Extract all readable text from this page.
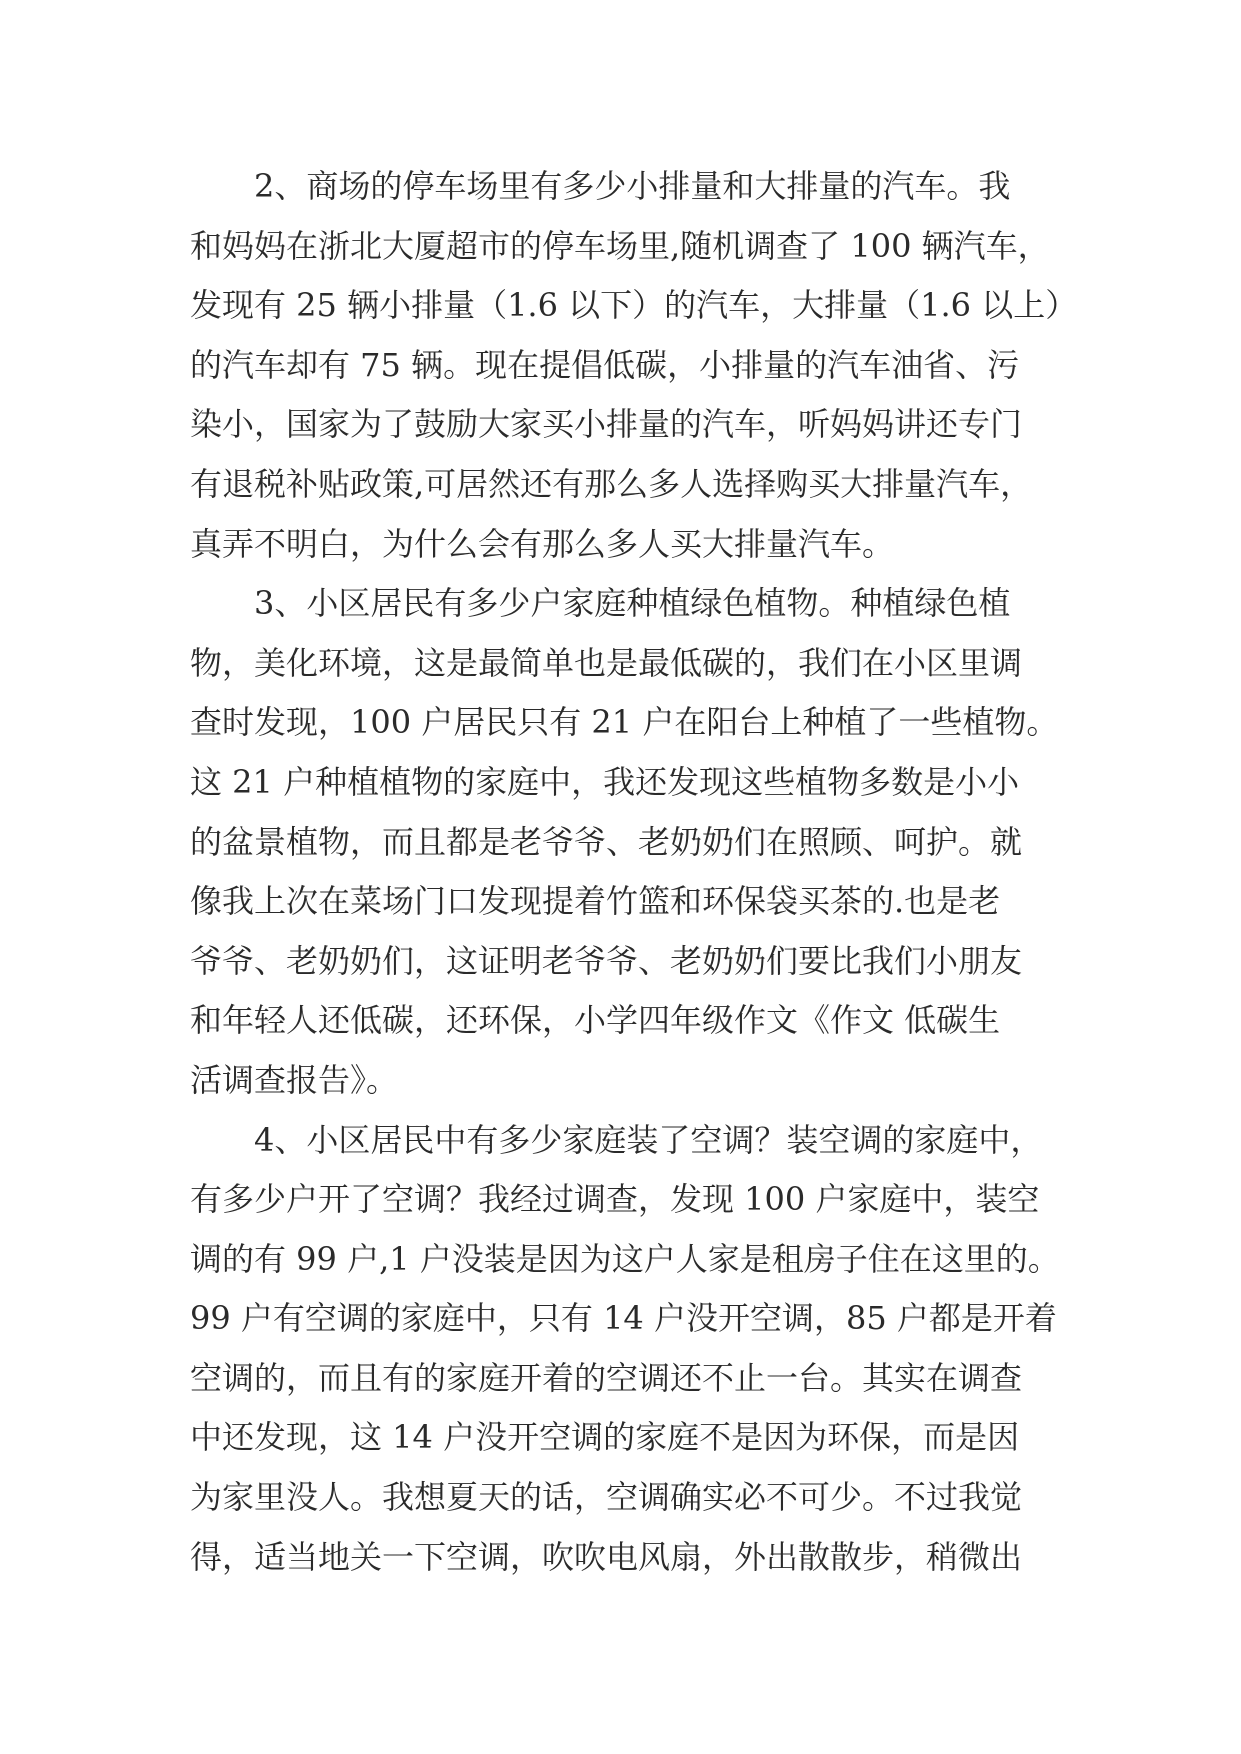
2、商场的停车场里有多少小排量和大排量的汽车。我
和妈妈在浙北大厦超市的停车场里,随机调查了 100 辆汽车，
发现有 25 辆小排量（1.6 以下）的汽车，大排量（1.6 以上）
的汽车却有 75 辆。现在提倡低碳，小排量的汽车油省、污
染小，国家为了鼓励大家买小排量的汽车，听妈妈讲还专门
有退税补贴政策,可居然还有那么多人选择购买大排量汽车，
真弄不明白，为什么会有那么多人买大排量汽车。
3、小区居民有多少户家庭种植绿色植物。种植绿色植
物，美化环境，这是最简单也是最低碳的，我们在小区里调
查时发现，100 户居民只有 21 户在阳台上种植了一些植物。
这 21 户种植植物的家庭中，我还发现这些植物多数是小小
的盆景植物，而且都是老爷爷、老奶奶们在照顾、呵护。就
像我上次在菜场门口发现提着竹篮和环保袋买茶的.也是老
爷爷、老奶奶们，这证明老爷爷、老奶奶们要比我们小朋友
和年轻人还低碳，还环保，小学四年级作文《作文 低碳生
活调查报告》。
4、小区居民中有多少家庭装了空调？装空调的家庭中，
有多少户开了空调？我经过调查，发现 100 户家庭中，装空
调的有 99 户,1 户没装是因为这户人家是租房子住在这里的。
99 户有空调的家庭中，只有 14 户没开空调，85 户都是开着
空调的，而且有的家庭开着的空调还不止一台。其实在调查
中还发现，这 14 户没开空调的家庭不是因为环保，而是因
为家里没人。我想夏天的话，空调确实必不可少。不过我觉
得，适当地关一下空调，吹吹电风扇，外出散散步，稍微出
